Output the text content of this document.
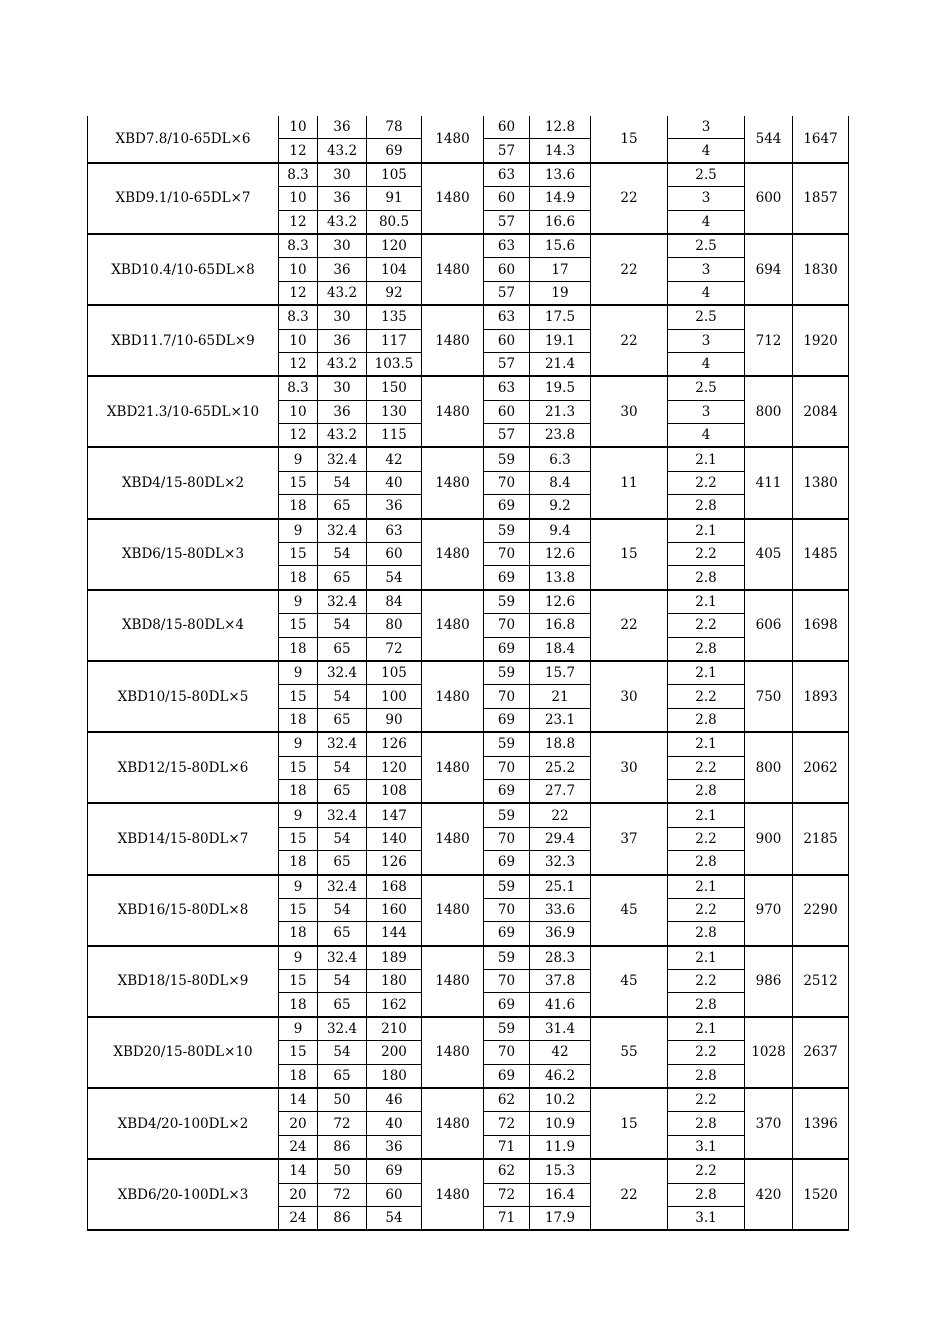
XBD7.8/10-65DL×6	10	36	78	1480	60	12.8	15	3	544	1647
	12	43.2	69		57	14.3		4		
XBD9.1/10-65DL×7	8.3	30	105	1480	63	13.6	22	2.5	600	1857
	10	36	91		60	14.9		3		
	12	43.2	80.5		57	16.6		4		
XBD10.4/10-65DL×8	8.3	30	120	1480	63	15.6	22	2.5	694	1830
	10	36	104		60	17		3		
	12	43.2	92		57	19		4		
XBD11.7/10-65DL×9	8.3	30	135	1480	63	17.5	22	2.5	712	1920
	10	36	117		60	19.1		3		
	12	43.2	103.5		57	21.4		4		
XBD21.3/10-65DL×10	8.3	30	150	1480	63	19.5	30	2.5	800	2084
	10	36	130		60	21.3		3		
	12	43.2	115		57	23.8		4		
XBD4/15-80DL×2	9	32.4	42	1480	59	6.3	11	2.1	411	1380
	15	54	40		70	8.4		2.2		
	18	65	36		69	9.2		2.8		
XBD6/15-80DL×3	9	32.4	63	1480	59	9.4	15	2.1	405	1485
	15	54	60		70	12.6		2.2		
	18	65	54		69	13.8		2.8		
XBD8/15-80DL×4	9	32.4	84	1480	59	12.6	22	2.1	606	1698
	15	54	80		70	16.8		2.2		
	18	65	72		69	18.4		2.8		
XBD10/15-80DL×5	9	32.4	105	1480	59	15.7	30	2.1	750	1893
	15	54	100		70	21		2.2		
	18	65	90		69	23.1		2.8		
XBD12/15-80DL×6	9	32.4	126	1480	59	18.8	30	2.1	800	2062
	15	54	120		70	25.2		2.2		
	18	65	108		69	27.7		2.8		
XBD14/15-80DL×7	9	32.4	147	1480	59	22	37	2.1	900	2185
	15	54	140		70	29.4		2.2		
	18	65	126		69	32.3		2.8		
XBD16/15-80DL×8	9	32.4	168	1480	59	25.1	45	2.1	970	2290
	15	54	160		70	33.6		2.2		
	18	65	144		69	36.9		2.8		
XBD18/15-80DL×9	9	32.4	189	1480	59	28.3	45	2.1	986	2512
	15	54	180		70	37.8		2.2		
	18	65	162		69	41.6		2.8		
XBD20/15-80DL×10	9	32.4	210	1480	59	31.4	55	2.1	1028	2637
	15	54	200		70	42		2.2		
	18	65	180		69	46.2		2.8		
XBD4/20-100DL×2	14	50	46	1480	62	10.2	15	2.2	370	1396
	20	72	40		72	10.9		2.8		
	24	86	36		71	11.9		3.1		
XBD6/20-100DL×3	14	50	69	1480	62	15.3	22	2.2	420	1520
	20	72	60		72	16.4		2.8		
	24	86	54		71	17.9		3.1		
